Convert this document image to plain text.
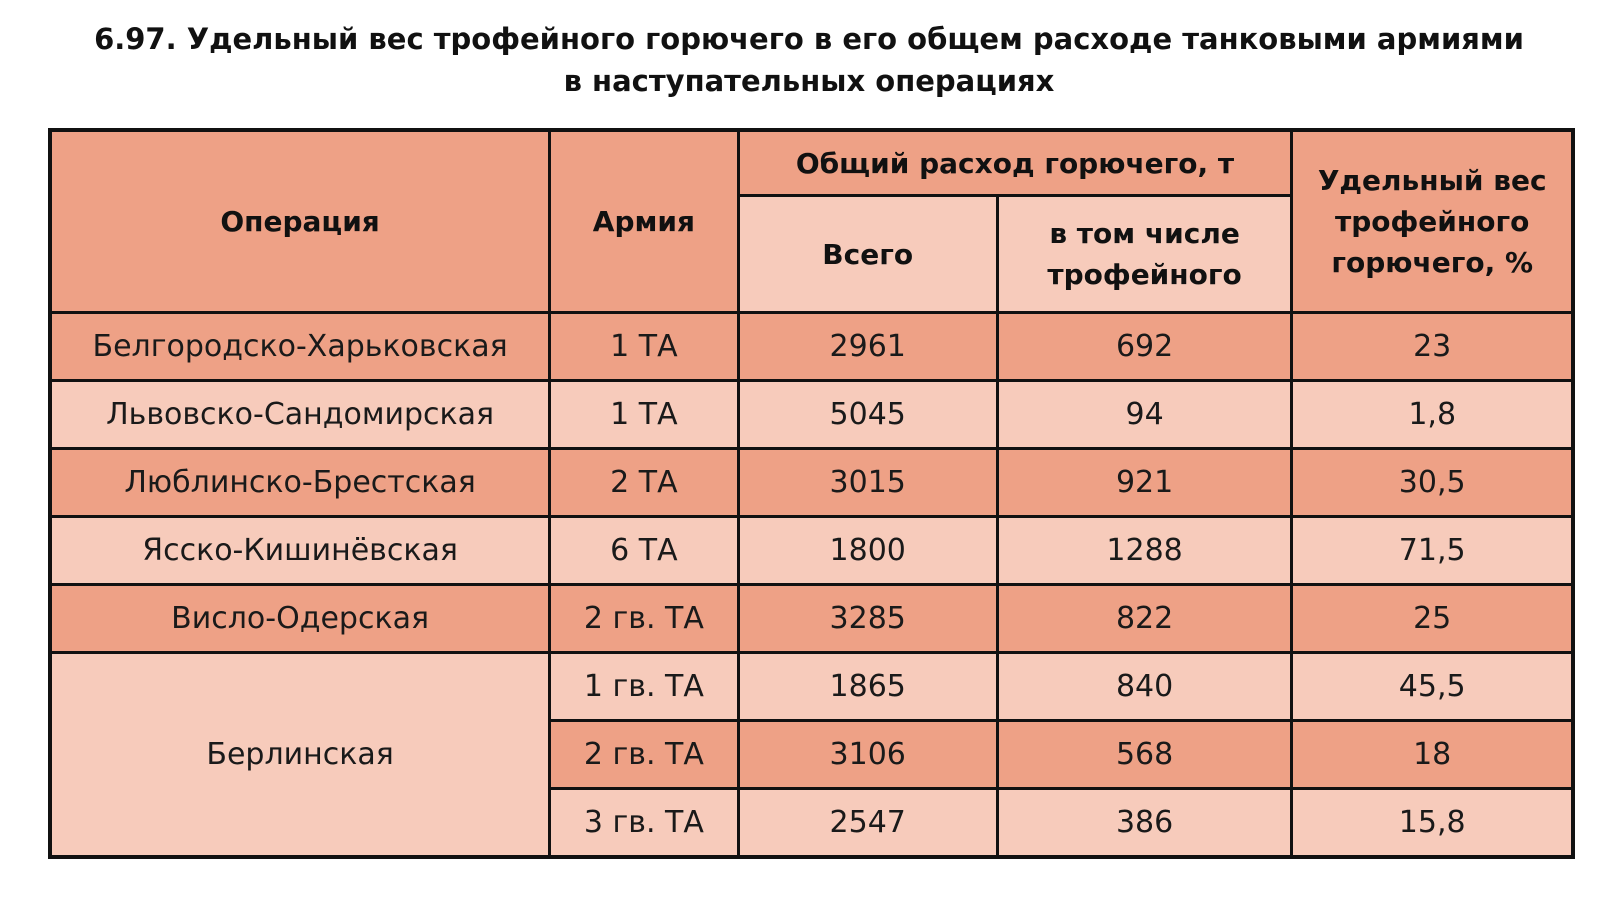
6.97. Удельный вес трофейного горючего в его общем расходе танковыми армиями
в наступательных операциях
Операция	Армия	Общий расход горючего, т		Удельный вес
трофейного
горючего, %

		Всего	в том числе
трофейного	

Белгородско-Харьковская	1 ТА	2961	692	23
Львовско-Сандомирская	1 ТА	5045	94	1,8
Люблинско-Брестская	2 ТА	3015	921	30,5
Ясско-Кишинёвская	6 ТА	1800	1288	71,5
Висло-Одерская	2 гв. ТА	3285	822	25
Берлинская	1 гв. ТА	1865	840	45,5
	2 гв. ТА	3106	568	18
	3 гв. ТА	2547	386	15,8
